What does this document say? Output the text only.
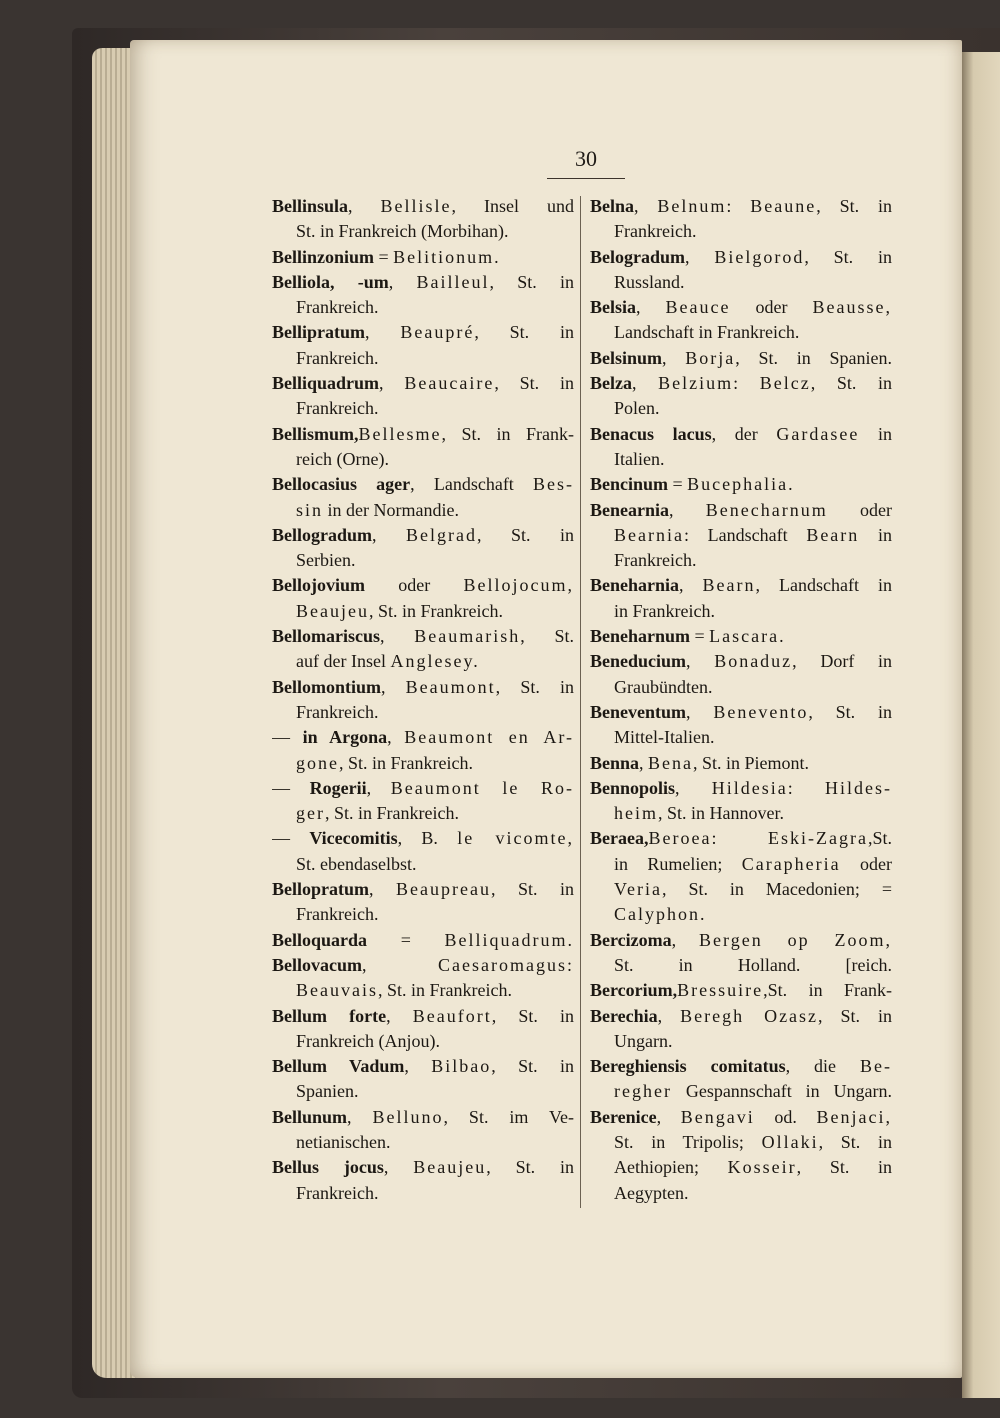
30
Bellinsula, Bellisle, Insel und
St. in Frankreich (Morbihan).
Bellinzonium = Belitionum.
Belliola, -um, Bailleul, St. in
Frankreich.
Bellipratum, Beaupré, St. in
Frankreich.
Belliquadrum, Beaucaire, St. in
Frankreich.
Bellismum,Bellesme, St. in Frank-
reich (Orne).
Bellocasius ager, Landschaft Bes-
sin in der Normandie.
Bellogradum, Belgrad, St. in
Serbien.
Bellojovium oder Bellojocum,
Beaujeu, St. in Frankreich.
Bellomariscus, Beaumarish, St.
auf der Insel Anglesey.
Bellomontium, Beaumont, St. in
Frankreich.
— in Argona, Beaumont en Ar-
gone, St. in Frankreich.
— Rogerii, Beaumont le Ro-
ger, St. in Frankreich.
— Vicecomitis, B. le vicomte,
St. ebendaselbst.
Bellopratum, Beaupreau, St. in
Frankreich.
Belloquarda = Belliquadrum.
Bellovacum, Caesaromagus:
Beauvais, St. in Frankreich.
Bellum forte, Beaufort, St. in
Frankreich (Anjou).
Bellum Vadum, Bilbao, St. in
Spanien.
Bellunum, Belluno, St. im Ve-
netianischen.
Bellus jocus, Beaujeu, St. in
Frankreich.
Belna, Belnum: Beaune, St. in
Frankreich.
Belogradum, Bielgorod, St. in
Russland.
Belsia, Beauce oder Beausse,
Landschaft in Frankreich.
Belsinum, Borja, St. in Spanien.
Belza, Belzium: Belcz, St. in
Polen.
Benacus lacus, der Gardasee in
Italien.
Bencinum = Bucephalia.
Benearnia, Benecharnum oder
Bearnia: Landschaft Bearn in
Frankreich.
Beneharnia, Bearn, Landschaft in
in Frankreich.
Beneharnum = Lascara.
Beneducium, Bonaduz, Dorf in
Graubündten.
Beneventum, Benevento, St. in
Mittel-Italien.
Benna, Bena, St. in Piemont.
Bennopolis, Hildesia: Hildes-
heim, St. in Hannover.
Beraea,Beroea: Eski-Zagra,St.
in Rumelien; Carapheria oder
Veria, St. in Macedonien; =
Calyphon.
Bercizoma, Bergen op Zoom,
St. in Holland. [reich.
Bercorium,Bressuire,St. in Frank-
Berechia, Beregh Ozasz, St. in
Ungarn.
Bereghiensis comitatus, die Be-
regher Gespannschaft in Ungarn.
Berenice, Bengavi od. Benjaci,
St. in Tripolis; Ollaki, St. in
Aethiopien; Kosseir, St. in
Aegypten.
